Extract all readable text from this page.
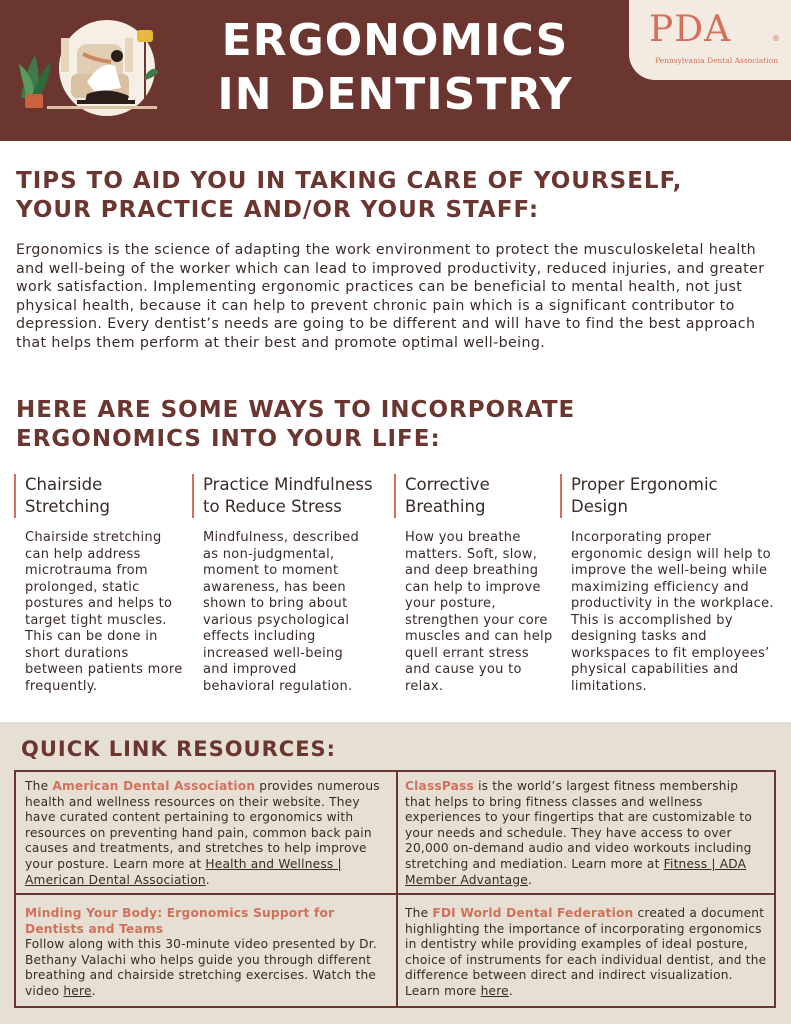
ERGONOMICS
IN DENTISTRY
PDA	®
Pennsylvania Dental Association
TIPS TO AID YOU IN TAKING CARE OF YOURSELF,
YOUR PRACTICE AND/OR YOUR STAFF:

Ergonomics is the science of adapting the work environment to protect the musculoskeletal health and well-being of the worker which can lead to improved productivity, reduced injuries, and greater work satisfaction. Implementing ergonomic practices can be beneficial to mental health, not just physical health, because it can help to prevent chronic pain which is a significant contributor to depression. Every dentist’s needs are going to be different and will have to find the best approach that helps them perform at their best and promote optimal well-being.

HERE ARE SOME WAYS TO INCORPORATE
ERGONOMICS INTO YOUR LIFE:
Chairside
Stretching

Chairside stretching can help address microtrauma from prolonged, static postures and helps to target tight muscles. This can be done in short durations between patients more frequently.

Practice Mindfulness
to Reduce Stress

Mindfulness, described as non-judgmental, moment to moment awareness, has been shown to bring about various psychological effects including increased well-being and improved behavioral regulation.

Corrective
Breathing

How you breathe matters. Soft, slow, and deep breathing can help to improve your posture, strengthen your core muscles and can help quell errant stress and cause you to relax.

Proper Ergonomic
Design

Incorporating proper ergonomic design will help to improve the well-being while maximizing efficiency and productivity in the workplace. This is accomplished by designing tasks and workspaces to fit employees’ physical capabilities and limitations.

QUICK LINK RESOURCES:
The American Dental Association provides numerous health and wellness resources on their website. They have curated content pertaining to ergonomics with resources on preventing hand pain, common back pain causes and treatments, and stretches to help improve your posture. Learn more at Health and Wellness | American Dental Association.
ClassPass is the world’s largest fitness membership that helps to bring fitness classes and wellness experiences to your fingertips that are customizable to your needs and schedule. They have access to over 20,000 on-demand audio and video workouts including stretching and mediation. Learn more at Fitness | ADA Member Advantage.
Minding Your Body: Ergonomics Support for Dentists and Teams
Follow along with this 30-minute video presented by Dr. Bethany Valachi who helps guide you through different breathing and chairside stretching exercises. Watch the video here.
The FDI World Dental Federation created a document highlighting the importance of incorporating ergonomics in dentistry while providing examples of ideal posture, choice of instruments for each individual dentist, and the difference between direct and indirect visualization. Learn more here.
